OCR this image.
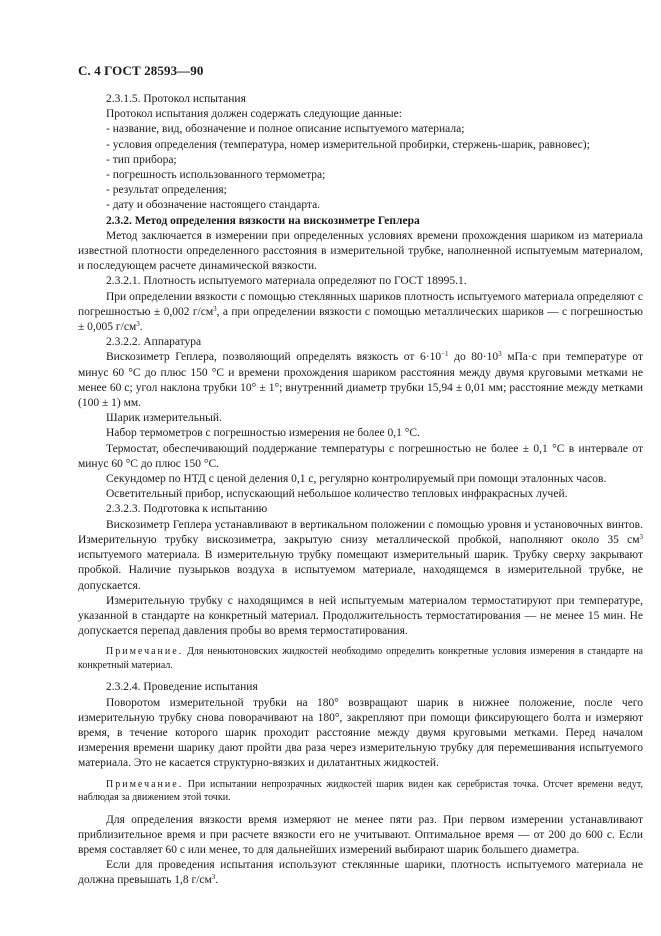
С. 4 ГОСТ 28593—90

2.3.1.5. Протокол испытания

Протокол испытания должен содержать следующие данные:

- название, вид, обозначение и полное описание испытуемого материала;

- условия определения (температура, номер измерительной пробирки, стержень-шарик, равновес);

- тип прибора;

- погрешность использованного термометра;

- результат определения;

- дату и обозначение настоящего стандарта.

2.3.2. Метод определения вязкости на вискозиметре Геплера

Метод заключается в измерении при определенных условиях времени прохождения шариком из материала известной плотности определенного расстояния в измерительной трубке, наполненной испытуемым материалом, и последующем расчете динамической вязкости.

2.3.2.1. Плотность испытуемого материала определяют по ГОСТ 18995.1.

При определении вязкости с помощью стеклянных шариков плотность испытуемого материала определяют с погрешностью ± 0,002 $г/см^3$, а при определении вязкости с помощью металлических шариков — с погрешностью ± 0,005 $г/см^3$.

2.3.2.2. Аппаратура

Вискозиметр Геплера, позволяющий определять вязкость от $6\cdot 10^{-1}$ до $80\cdot 10^3$ мПа·с при температуре от минус 60 °С до плюс 150 °С и времени прохождения шариком расстояния между двумя круговыми метками не менее 60 с; угол наклона трубки 10° ± 1°; внутренний диаметр трубки 15,94 ± 0,01 мм; расстояние между метками (100 ± 1) мм.

Шарик измерительный.

Набор термометров с погрешностью измерения не более 0,1 °С.

Термостат, обеспечивающий поддержание температуры с погрешностью не более ± 0,1 °С в интервале от минус 60 °С до плюс 150 °С.

Секундомер по НТД с ценой деления 0,1 с, регулярно контролируемый при помощи эталонных часов.

Осветительный прибор, испускающий небольшое количество тепловых инфракрасных лучей.

2.3.2.3. Подготовка к испытанию

Вискозиметр Геплера устанавливают в вертикальном положении с помощью уровня и установочных винтов. Измерительную трубку вискозиметра, закрытую снизу металлической пробкой, наполняют около 35 $см^3$ испытуемого материала. В измерительную трубку помещают измерительный шарик. Трубку сверху закрывают пробкой. Наличие пузырьков воздуха в испытуемом материале, находящемся в измерительной трубке, не допускается.

Измерительную трубку с находящимся в ней испытуемым материалом термостатируют при температуре, указанной в стандарте на конкретный материал. Продолжительность термостатирования — не менее 15 мин. Не допускается перепад давления пробы во время термостатирования.

Примечание. Для неньютоновских жидкостей необходимо определить конкретные условия измерения в стандарте на конкретный материал.

2.3.2.4. Проведение испытания

Поворотом измерительной трубки на 180° возвращают шарик в нижнее положение, после чего измерительную трубку снова поворачивают на 180°, закрепляют при помощи фиксирующего болта и измеряют время, в течение которого шарик проходит расстояние между двумя круговыми метками. Перед началом измерения времени шарику дают пройти два раза через измерительную трубку для перемешивания испытуемого материала. Это не касается структурно-вязких и дилатантных жидкостей.

Примечание. При испытании непрозрачных жидкостей шарик виден как серебристая точка. Отсчет времени ведут, наблюдая за движением этой точки.

Для определения вязкости время измеряют не менее пяти раз. При первом измерении устанавливают приблизительное время и при расчете вязкости его не учитывают. Оптимальное время — от 200 до 600 с. Если время составляет 60 с или менее, то для дальнейших измерений выбирают шарик большего диаметра.

Если для проведения испытания используют стеклянные шарики, плотность испытуемого материала не должна превышать 1,8 $г/см^3$.
